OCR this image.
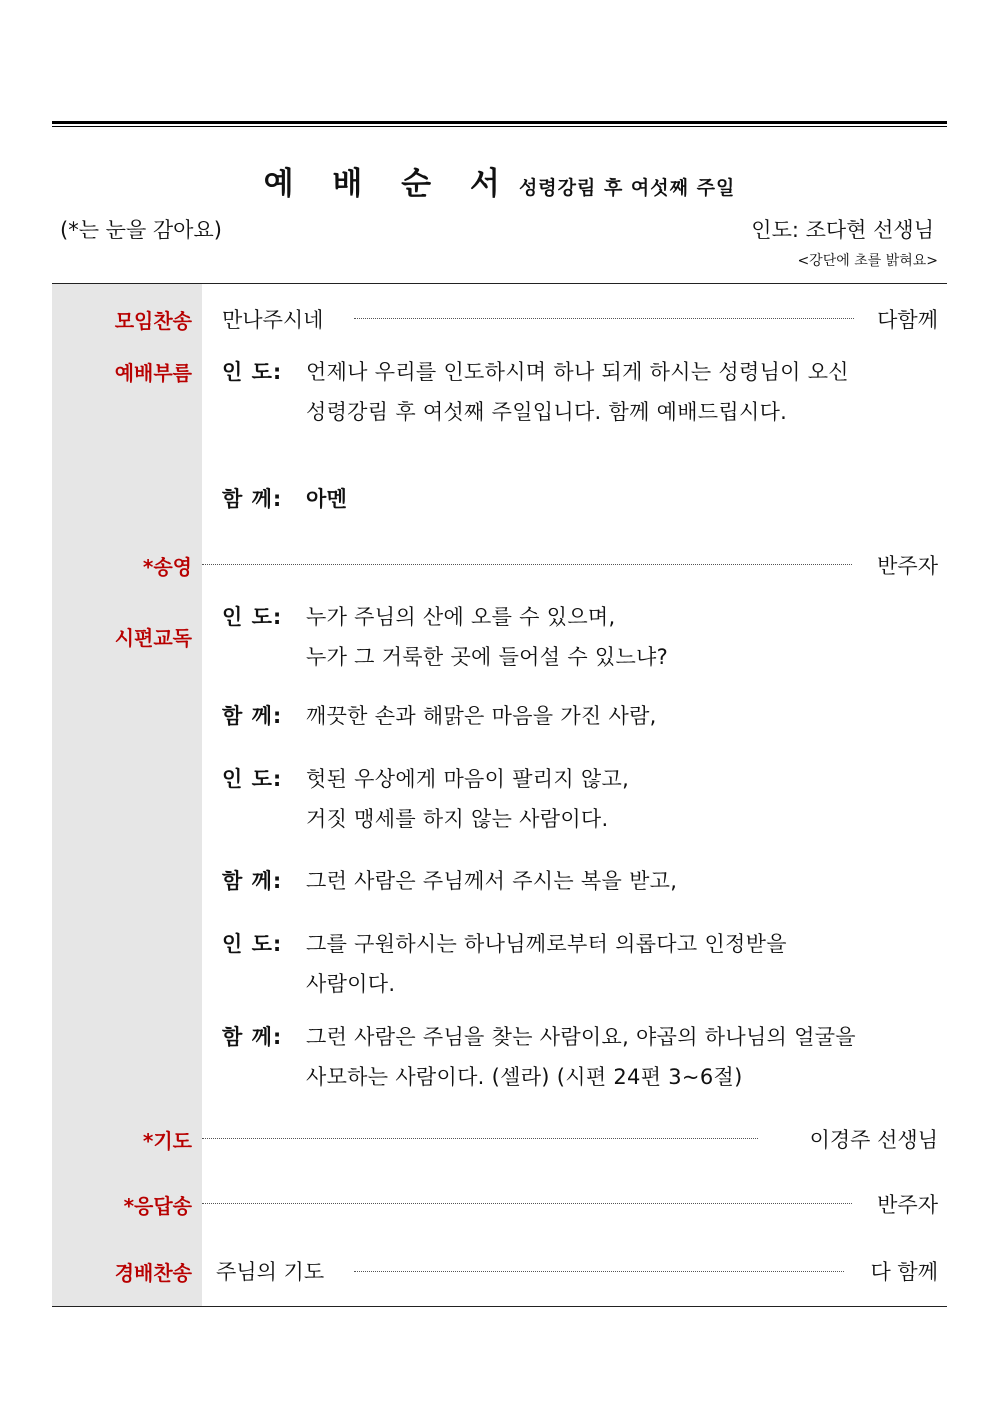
예 배 순 서 성령강림 후 여섯째 주일
(*는 눈을 감아요)	인도: 조다현 선생님
<강단에 초를 밝혀요>
모임찬송 만나주시네	다함께
예배부름 인 도: 언제나 우리를 인도하시며 하나 되게 하시는 성령님이 오신
성령강림 후 여섯째 주일입니다. 함께 예배드립시다.
함 께: 아멘
*송영	반주자
시편교독
인 도: 누가 주님의 산에 오를 수 있으며,
누가 그 거룩한 곳에 들어설 수 있느냐?
함 께: 깨끗한 손과 해맑은 마음을 가진 사람,
인 도: 헛된 우상에게 마음이 팔리지 않고,
거짓 맹세를 하지 않는 사람이다.
함 께: 그런 사람은 주님께서 주시는 복을 받고,
인 도: 그를 구원하시는 하나님께로부터 의롭다고 인정받을
사람이다.
함 께: 그런 사람은 주님을 찾는 사람이요, 야곱의 하나님의 얼굴을
사모하는 사람이다. (셀라) (시편 24편 3~6절)
*기도	이경주 선생님
*응답송	반주자
경배찬송 주님의 기도	다 함께
